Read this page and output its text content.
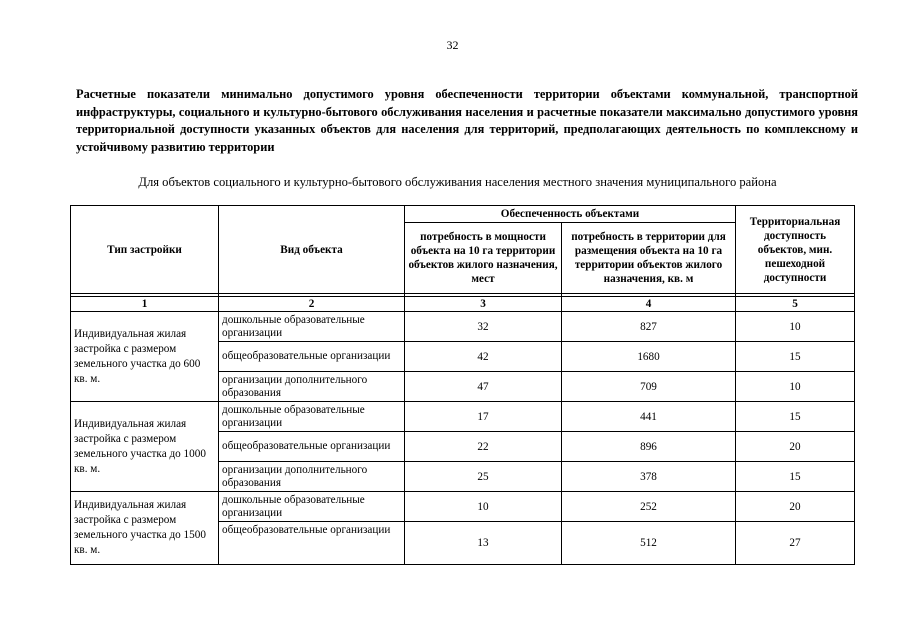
32
Расчетные показатели минимально допустимого уровня обеспеченности территории объектами коммунальной, транспортной инфраструктуры, социального и культурно-бытового обслуживания населения и расчетные показатели максимально допустимого уровня территориальной доступности указанных объектов для населения для территорий, предполагающих деятельность по комплексному и устойчивому развитию территории
Для объектов социального и культурно-бытового обслуживания населения местного значения муниципального района
Тип застройки	Вид объекта	Обеспеченность объектами		Территориальная доступность объектов, мин. пешеходной доступности
		потребность в мощности объекта на 10 га территории объектов жилого назначения, мест	потребность в территории для размещения объекта на 10 га территории объектов жилого назначения, кв. м	

1	2	3	4	5
Индивидуальная жилая застройка с размером земельного участка до 600 кв. м.	дошкольные образовательные организации	32	827	10
	общеобразовательные организации	42	1680	15
	организации дополнительного образования	47	709	10
Индивидуальная жилая застройка с размером земельного участка до 1000 кв. м.	дошкольные образовательные организации	17	441	15
	общеобразовательные организации	22	896	20
	организации дополнительного образования	25	378	15
Индивидуальная жилая застройка с размером земельного участка до 1500 кв. м.	дошкольные образовательные организации	10	252	20
	общеобразовательные организации	13	512	27
